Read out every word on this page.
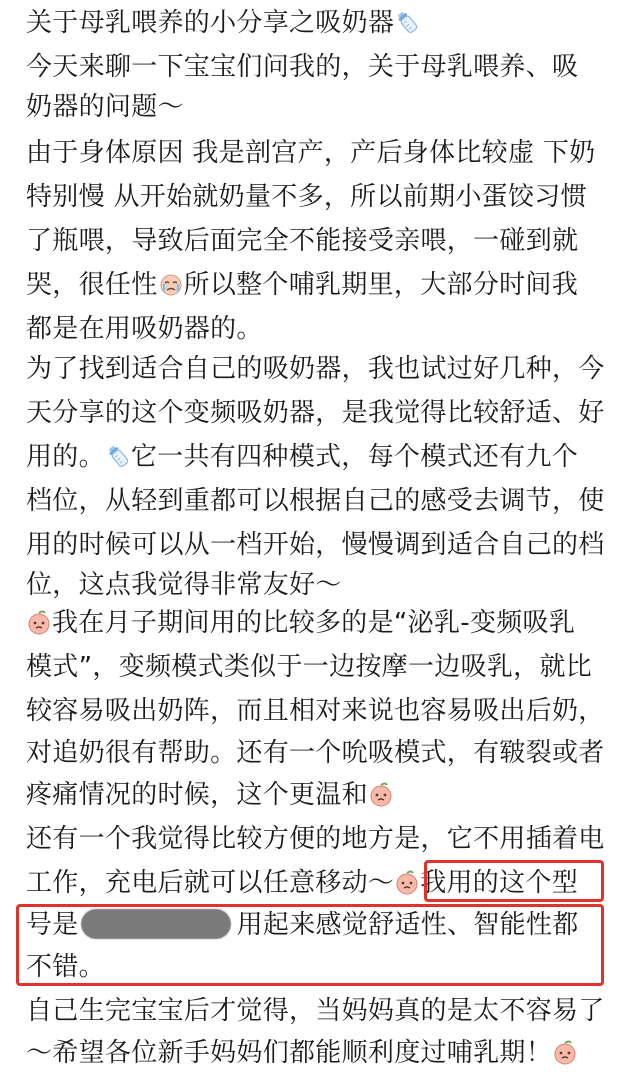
关于母乳喂养的小分享之吸奶器
今天来聊一下宝宝们问我的，关于母乳喂养、吸
奶器的问题～
由于身体原因 我是剖宫产，产后身体比较虚 下奶
特别慢 从开始就奶量不多，所以前期小蛋饺习惯
了瓶喂，导致后面完全不能接受亲喂，一碰到就
哭，很任性 所以整个哺乳期里，大部分时间我
都是在用吸奶器的。
为了找到适合自己的吸奶器，我也试过好几种，今
天分享的这个变频吸奶器，是我觉得比较舒适、好
用的。 它一共有四种模式，每个模式还有九个
档位，从轻到重都可以根据自己的感受去调节，使
用的时候可以从一档开始，慢慢调到适合自己的档
位，这点我觉得非常友好～
我在月子期间用的比较多的是“泌乳-变频吸乳
模式”，变频模式类似于一边按摩一边吸乳，就比
较容易吸出奶阵，而且相对来说也容易吸出后奶，
对追奶很有帮助。还有一个吮吸模式，有皲裂或者
疼痛情况的时候，这个更温和
还有一个我觉得比较方便的地方是，它不用插着电
工作，充电后就可以任意移动～ 我用的这个型
号是	用起来感觉舒适性、智能性都
不错。
自己生完宝宝后才觉得，当妈妈真的是太不容易了
～希望各位新手妈妈们都能顺利度过哺乳期！
